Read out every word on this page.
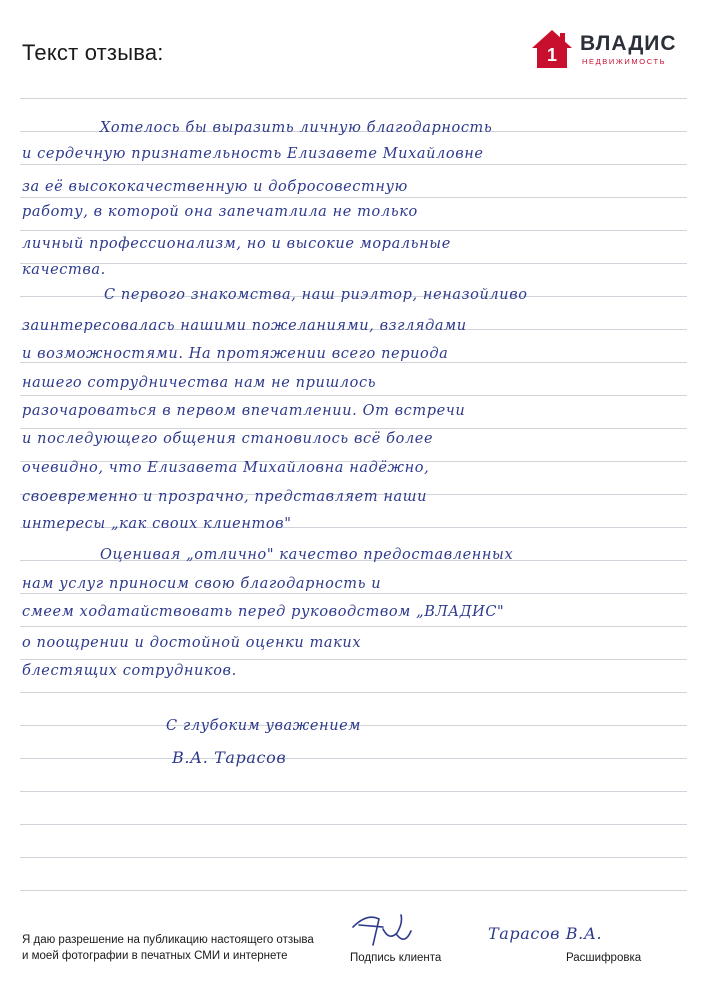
Текст отзыва:	1 ВЛАДИС
НЕДВИЖИМОСТЬ
Хотелось бы выразить личную благодарность
и сердечную признательность Елизавете Михайловне
за её высококачественную и добросовестную
работу, в которой она запечатлила не только
личный профессионализм, но и высокие моральные
качества.
С первого знакомства, наш риэлтор, неназойливо
заинтересовалась нашими пожеланиями, взглядами
и возможностями. На протяжении всего периода
нашего сотрудничества нам не пришлось
разочароваться в первом впечатлении. От встречи
и последующего общения становилось всё более
очевидно, что Елизавета Михайловна надёжно,
своевременно и прозрачно, представляет наши
интересы „как своих клиентов"
Оценивая „отлично" качество предоставленных
нам услуг приносим свою благодарность и
смеем ходатайствовать перед руководством „ВЛАДИС"
о поощрении и достойной оценки таких
блестящих сотрудников.
С глубоким уважением
В.А. Тарасов
Я даю разрешение на публикацию настоящего отзыва
и моей фотографии в печатных СМИ и интернете
Тарасов В.А.
Подпись клиента	Расшифровка
